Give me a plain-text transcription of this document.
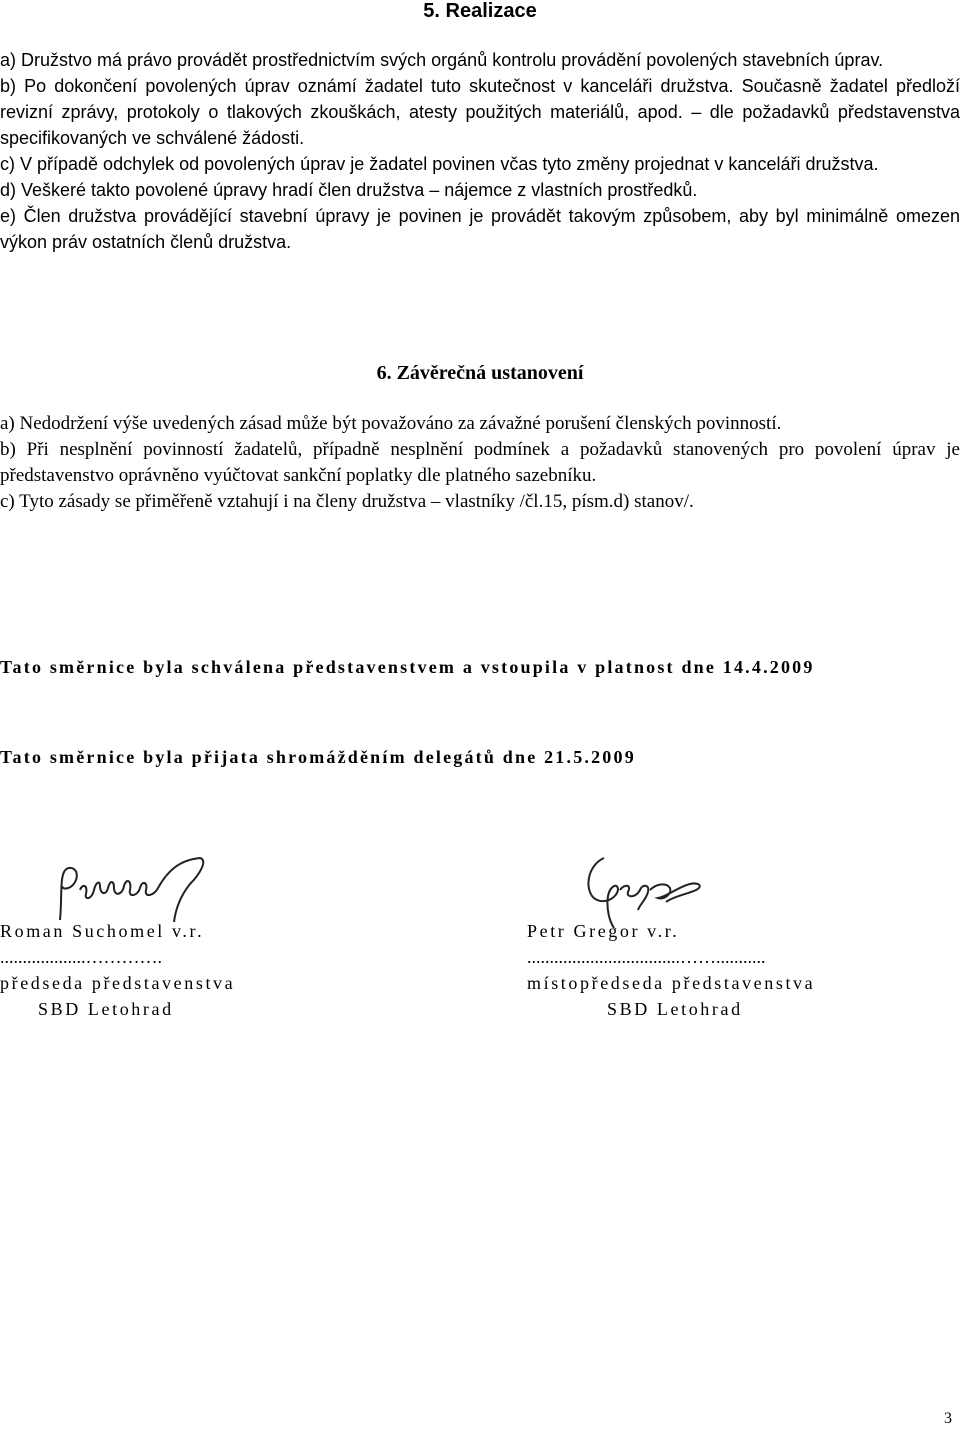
5. Realizace

a) Družstvo má právo provádět prostřednictvím svých orgánů kontrolu provádění povolených stavebních úprav.

b) Po dokončení povolených úprav oznámí žadatel tuto skutečnost v kanceláři družstva. Současně žadatel předloží revizní zprávy, protokoly o tlakových zkouškách, atesty použitých materiálů, apod. – dle požadavků představenstva specifikovaných ve schválené žádosti.

c) V případě odchylek od povolených úprav je žadatel povinen včas tyto změny projednat v kanceláři družstva.

d) Veškeré takto povolené úpravy hradí člen družstva – nájemce z vlastních prostředků.

e) Člen družstva provádějící stavební úpravy je povinen je provádět takovým způsobem, aby byl minimálně omezen výkon práv ostatních členů družstva.

6. Závěrečná ustanovení

a) Nedodržení výše uvedených zásad může být považováno za závažné porušení členských povinností.

b) Při nesplnění povinností žadatelů, případně nesplnění podmínek a požadavků stanovených pro povolení úprav je představenstvo oprávněno vyúčtovat sankční poplatky dle platného sazebníku.

c) Tyto zásady se přiměřeně vztahují i na členy družstva – vlastníky /čl.15, písm.d) stanov/.

Tato směrnice byla schválena představenstvem a vstoupila v platnost dne 14.4.2009
Tato směrnice byla přijata shromážděním delegátů dne 21.5.2009
Roman Suchomel v.r.
...................………….
předseda představenstva
SBD Letohrad
Petr Gregor v.r.
..................................……...........
místopředseda představenstva
SBD Letohrad
3
